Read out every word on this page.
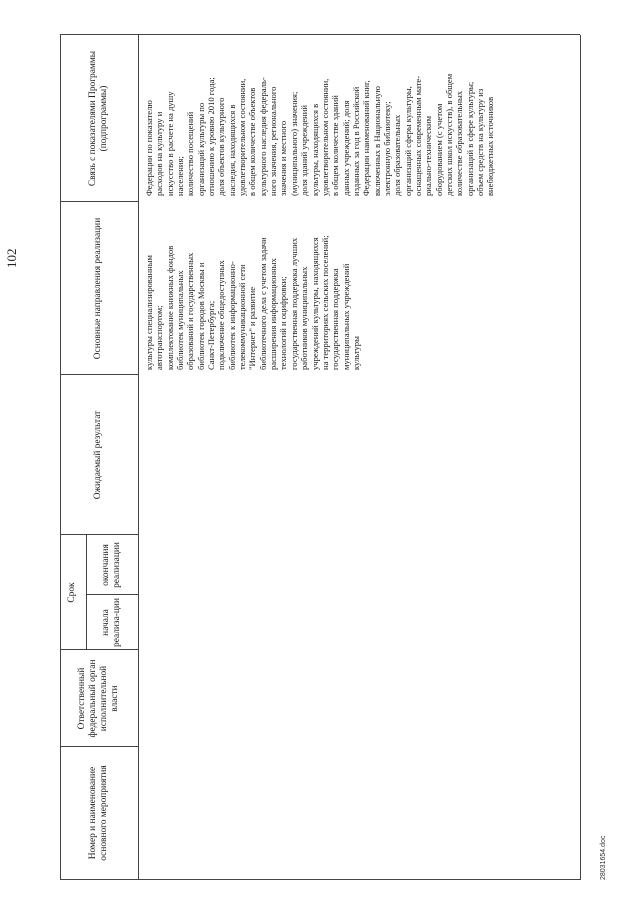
Номер и наименование основного мероприятия
Ответственный федеральный орган исполнительной власти
Срок
начала реализа-ции
окончания реализации
Ожидаемый результат
Основные направления реализации
Связь с показателями Программы (подпрограммы)
культуры специализированным
автотранспортом;
комплектование книжных фондов
библиотек муниципальных
образований и государственных
библиотек городов Москвы и
Санкт-Петербурга;
подключение общедоступных
библиотек к информационно-
телекоммуникационной сети
"Интернет" и развитие
библиотечного дела с учетом задачи
расширения информационных
технологий и оцифровки;
государственная поддержка лучших
работников муниципальных
учреждений культуры, находящихся
на территориях сельских поселений;
государственная поддержка
муниципальных учреждений
культуры
Федерации по показателю
расходов на культуру и
искусство в расчете на душу
населения;
количество посещений
организаций культуры по
отношению к уровню 2010 года;
доля объектов культурного
наследия, находящихся в
удовлетворительном состоянии,
в общем количестве объектов
культурного наследия федераль-
ного значения, регионального
значения и местного
(муниципального) значения;
доля зданий учреждений
культуры, находящихся в
удовлетворительном состоянии,
в общем количестве зданий
данных учреждений; доля
изданных за год в Российской
Федерации наименований книг,
включенных в Национальную
электронную библиотеку;
доля образовательных
организаций сферы культуры,
оснащенных современным мате-
риально-техническим
оборудованием (с учетом
детских школ искусств), в общем
количестве образовательных
организаций в сфере культуры;
объем средств на культуру из
внебюджетных источников
102
28031654.doc
